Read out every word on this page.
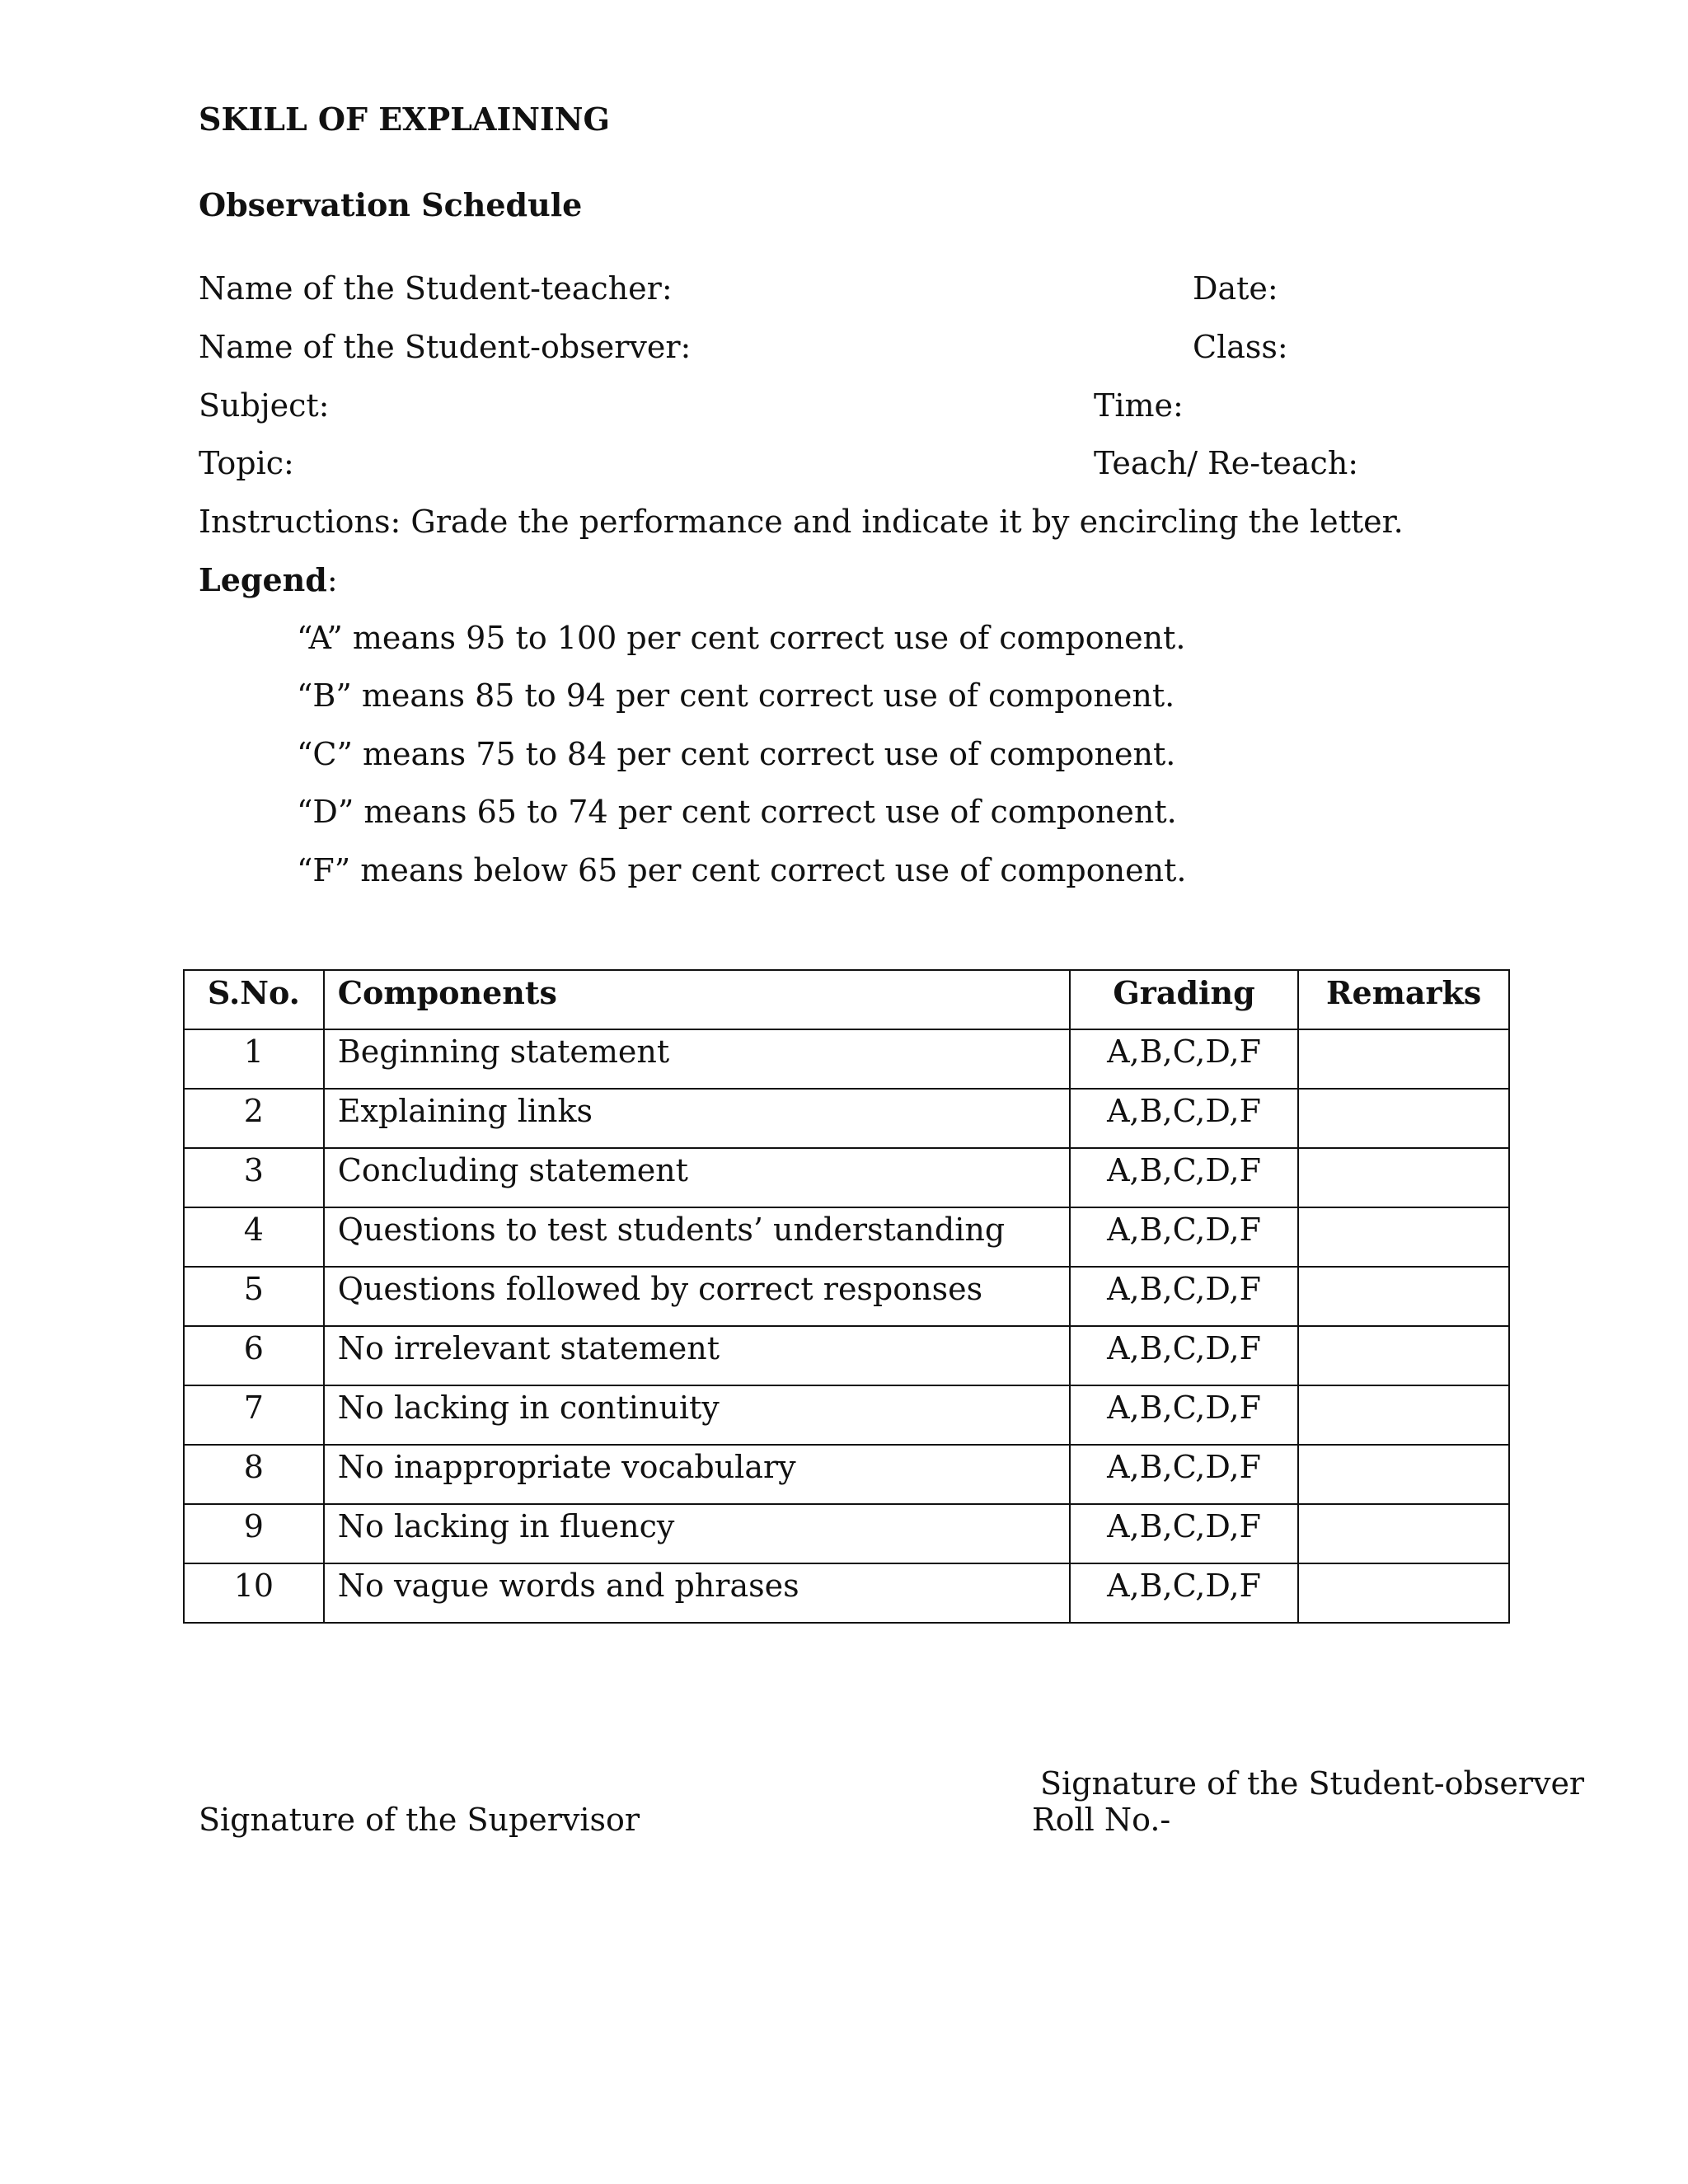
SKILL OF EXPLAINING
Observation Schedule
Name of the Student-teacher:	Date:
Name of the Student-observer:	Class:
Subject:	Time:
Topic:	Teach/ Re-teach:
Instructions: Grade the performance and indicate it by encircling the letter.
Legend:
“A” means 95 to 100 per cent correct use of component.
“B” means 85 to 94 per cent correct use of component.
“C” means 75 to 84 per cent correct use of component.
“D” means 65 to 74 per cent correct use of component.
“F” means below 65 per cent correct use of component.
S.No.	Components	Grading	Remarks
1	Beginning statement	A,B,C,D,F	
2	Explaining links	A,B,C,D,F	
3	Concluding statement	A,B,C,D,F	
4	Questions to test students’ understanding	A,B,C,D,F	
5	Questions followed by correct responses	A,B,C,D,F	
6	No irrelevant statement	A,B,C,D,F	
7	No lacking in continuity	A,B,C,D,F	
8	No inappropriate vocabulary	A,B,C,D,F	
9	No lacking in fluency	A,B,C,D,F	
10	No vague words and phrases	A,B,C,D,F	
Signature of the Student-observer
Signature of the Supervisor	Roll No.-
